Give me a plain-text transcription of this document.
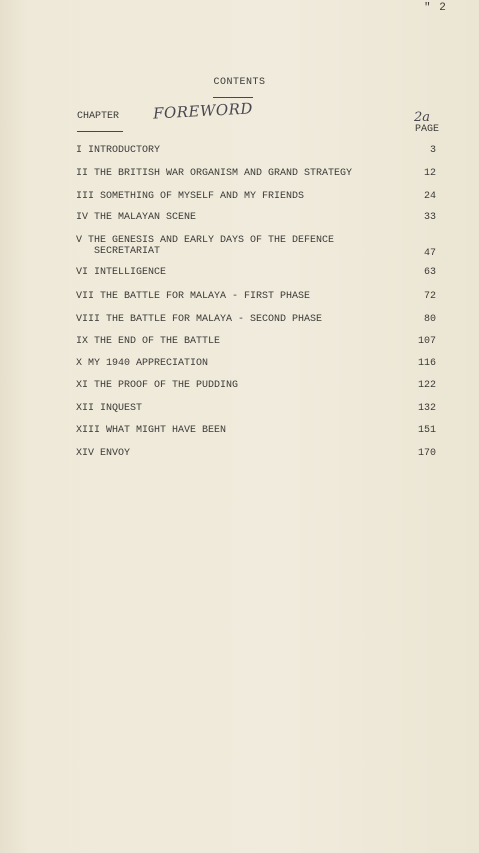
" 2
CONTENTS
CHAPTER FOREWORD	2a
PAGE
I INTRODUCTORY	3
II THE BRITISH WAR ORGANISM AND GRAND STRATEGY	12
III SOMETHING OF MYSELF AND MY FRIENDS	24
IV THE MALAYAN SCENE	33
V THE GENESIS AND EARLY DAYS OF THE DEFENCE
SECRETARIAT	47
VI INTELLIGENCE	63
VII THE BATTLE FOR MALAYA - FIRST PHASE	72
VIII THE BATTLE FOR MALAYA - SECOND PHASE	80
IX THE END OF THE BATTLE	107
X MY 1940 APPRECIATION	116
XI THE PROOF OF THE PUDDING	122
XII INQUEST	132
XIII WHAT MIGHT HAVE BEEN	151
XIV ENVOY	170
